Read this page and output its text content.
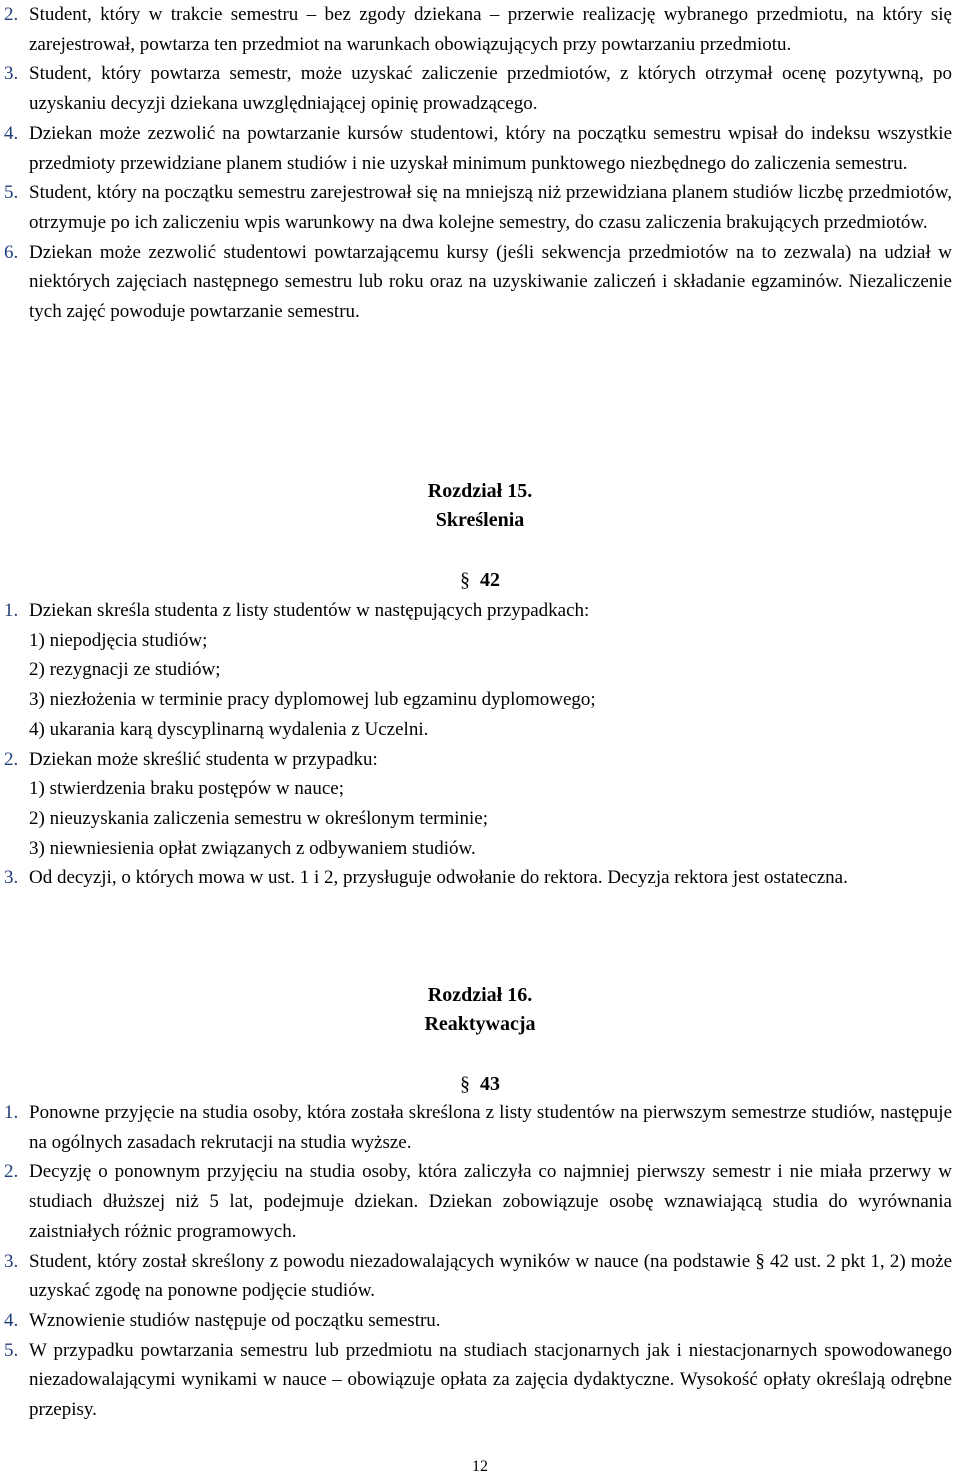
2. Student, który w trakcie semestru – bez zgody dziekana – przerwie realizację wybranego przedmiotu, na który się zarejestrował, powtarza ten przedmiot na warunkach obowiązujących przy powtarzaniu przedmiotu.

3. Student, który powtarza semestr, może uzyskać zaliczenie przedmiotów, z których otrzymał ocenę pozytywną, po uzyskaniu decyzji dziekana uwzględniającej opinię prowadzącego.

4. Dziekan może zezwolić na powtarzanie kursów studentowi, który na początku semestru wpisał do indeksu wszystkie przedmioty przewidziane planem studiów i nie uzyskał minimum punktowego niezbędnego do zaliczenia semestru.

5. Student, który na początku semestru zarejestrował się na mniejszą niż przewidziana planem studiów liczbę przedmiotów, otrzymuje po ich zaliczeniu wpis warunkowy na dwa kolejne semestry, do czasu zaliczenia brakujących przedmiotów.

6. Dziekan może zezwolić studentowi powtarzającemu kursy (jeśli sekwencja przedmiotów na to zezwala) na udział w niektórych zajęciach następnego semestru lub roku oraz na uzyskiwanie zaliczeń i składanie egzaminów. Niezaliczenie tych zajęć powoduje powtarzanie semestru.

Rozdział 15.

Skreślenia

§ 42

1. Dziekan skreśla studenta z listy studentów w następujących przypadkach:

1) niepodjęcia studiów;

2) rezygnacji ze studiów;

3) niezłożenia w terminie pracy dyplomowej lub egzaminu dyplomowego;

4) ukarania karą dyscyplinarną wydalenia z Uczelni.

2. Dziekan może skreślić studenta w przypadku:

1) stwierdzenia braku postępów w nauce;

2) nieuzyskania zaliczenia semestru w określonym terminie;

3) niewniesienia opłat związanych z odbywaniem studiów.

3. Od decyzji, o których mowa w ust. 1 i 2, przysługuje odwołanie do rektora. Decyzja rektora jest ostateczna.

Rozdział 16.

Reaktywacja

§ 43

1. Ponowne przyjęcie na studia osoby, która została skreślona z listy studentów na pierwszym semestrze studiów, następuje na ogólnych zasadach rekrutacji na studia wyższe.

2. Decyzję o ponownym przyjęciu na studia osoby, która zaliczyła co najmniej pierwszy semestr i nie miała przerwy w studiach dłuższej niż 5 lat, podejmuje dziekan. Dziekan zobowiązuje osobę wznawiającą studia do wyrównania zaistniałych różnic programowych.

3. Student, który został skreślony z powodu niezadowalających wyników w nauce (na podstawie § 42 ust. 2 pkt 1, 2) może uzyskać zgodę na ponowne podjęcie studiów.

4. Wznowienie studiów następuje od początku semestru.

5. W przypadku powtarzania semestru lub przedmiotu na studiach stacjonarnych jak i niestacjonarnych spowodowanego niezadowalającymi wynikami w nauce – obowiązuje opłata za zajęcia dydaktyczne. Wysokość opłaty określają odrębne przepisy.

12
